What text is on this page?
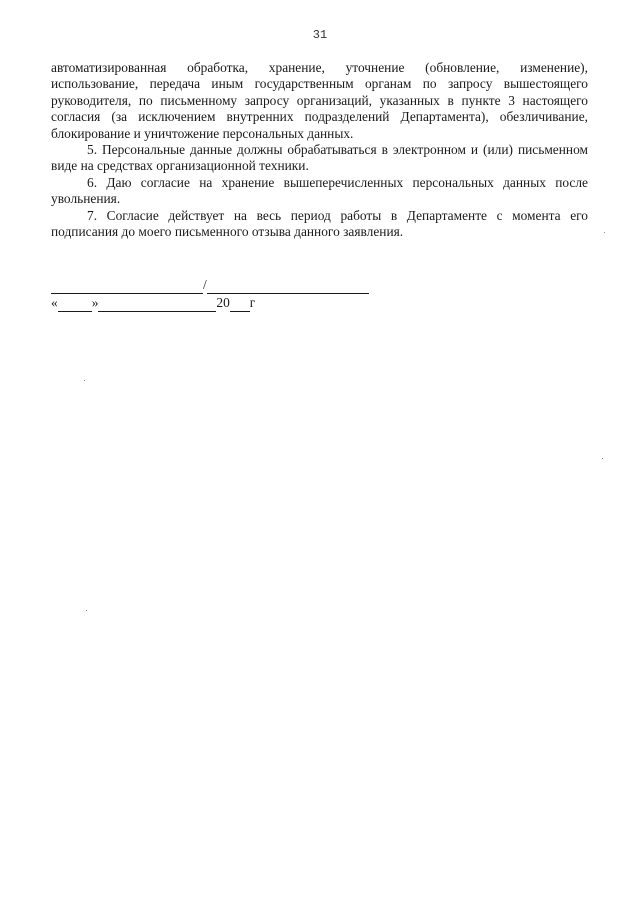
31

автоматизированная обработка, хранение, уточнение (обновление, изменение), использование, передача иным государственным органам по запросу вышестоящего руководителя, по письменному запросу организаций, указанных в пункте 3 настоящего согласия (за исключением внутренних подразделений Департамента), обезличивание, блокирование и уничтожение персональных данных.

5. Персональные данные должны обрабатываться в электронном и (или) письменном виде на средствах организационной техники.

6. Даю согласие на хранение вышеперечисленных персональных данных после увольнения.

7. Согласие действует на весь период работы в Департаменте с момента его подписания до моего письменного отзыва данного заявления.

/
«	»	20 г
